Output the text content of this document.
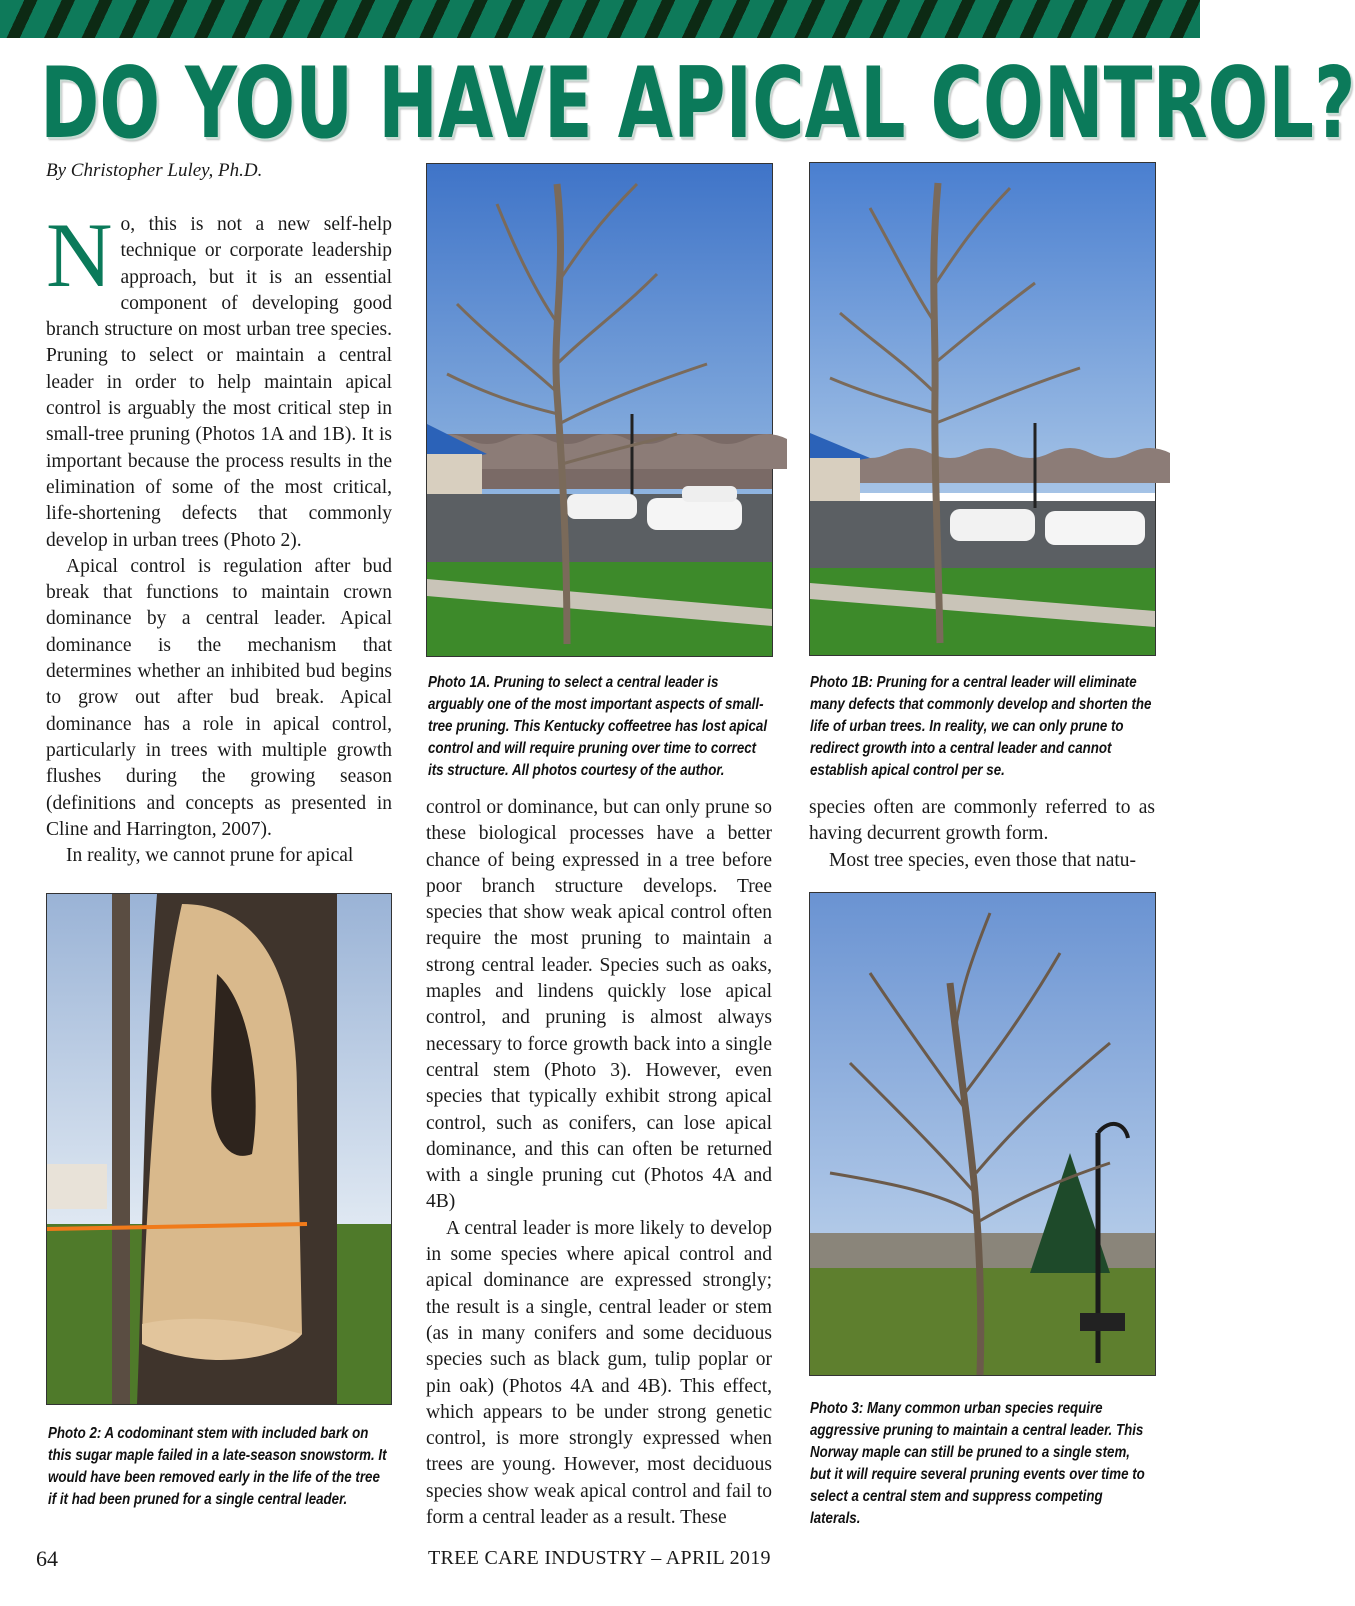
DO YOU HAVE APICAL CONTROL?
By Christopher Luley, Ph.D.

No, this is not a new self-help technique or corporate leadership approach, but it is an essential component of developing good branch structure on most urban tree species. Pruning to select or maintain a central leader in order to help maintain apical control is arguably the most critical step in small-tree pruning (Photos 1A and 1B). It is important because the process results in the elimination of some of the most critical, life-shortening defects that commonly develop in urban trees (Photo 2).

Apical control is regulation after bud break that functions to maintain crown dominance by a central leader. Apical dominance is the mechanism that determines whether an inhibited bud begins to grow out after bud break. Apical dominance has a role in apical control, particularly in trees with multiple growth flushes during the growing season (definitions and concepts as presented in Cline and Harrington, 2007).

In reality, we cannot prune for apical

Photo 1A. Pruning to select a central leader is arguably one of the most important aspects of small-tree pruning. This Kentucky coffeetree has lost apical control and will require pruning over time to correct its structure. All photos courtesy of the author.
Photo 1B: Pruning for a central leader will eliminate many defects that commonly develop and shorten the life of urban trees. In reality, we can only prune to redirect growth into a central leader and cannot establish apical control per se.

control or dominance, but can only prune so these biological processes have a better chance of being expressed in a tree before poor branch structure develops. Tree species that show weak apical control often require the most pruning to maintain a strong central leader. Species such as oaks, maples and lindens quickly lose apical control, and pruning is almost always necessary to force growth back into a single central stem (Photo 3). However, even species that typically exhibit strong apical control, such as conifers, can lose apical dominance, and this can often be returned with a single pruning cut (Photos 4A and 4B)

A central leader is more likely to develop in some species where apical control and apical dominance are expressed strongly; the result is a single, central leader or stem (as in many conifers and some deciduous species such as black gum, tulip poplar or pin oak) (Photos 4A and 4B). This effect, which appears to be under strong genetic control, is more strongly expressed when trees are young. However, most deciduous species show weak apical control and fail to form a central leader as a result. These

species often are commonly referred to as having decurrent growth form.

Most tree species, even those that natu-

Photo 2: A codominant stem with included bark on this sugar maple failed in a late-season snowstorm. It would have been removed early in the life of the tree if it had been pruned for a single central leader.
Photo 3: Many common urban species require aggressive pruning to maintain a central leader. This Norway maple can still be pruned to a single stem, but it will require several pruning events over time to select a central stem and suppress competing laterals.
64	TREE CARE INDUSTRY – APRIL 2019
